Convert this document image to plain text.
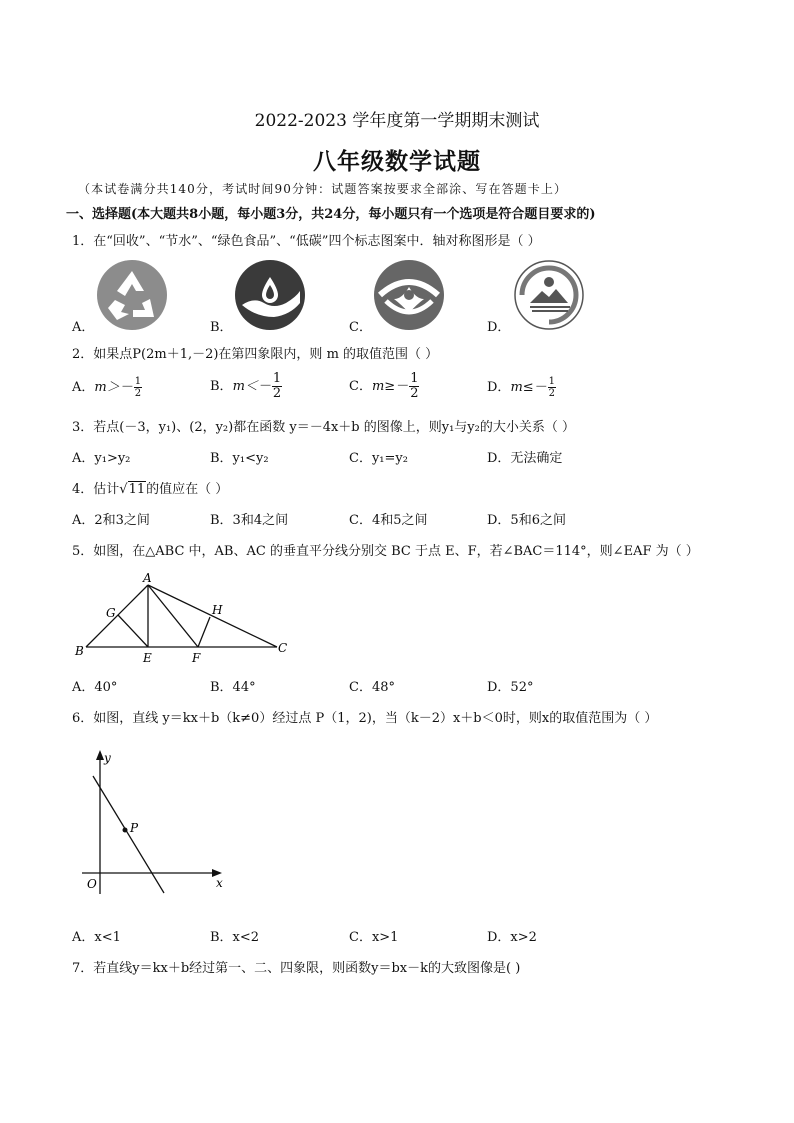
2022-2023 学年度第一学期期末测试
八年级数学试题
（本试卷满分共140分，考试时间90分钟：试题答案按要求全部涂、写在答题卡上）
一、选择题(本大题共8小题，每小题3分，共24分，每小题只有一个选项是符合题目要求的)
1．在“回收”、“节水”、“绿色食品”、“低碳”四个标志图案中．轴对称图形是（ ）
A．	B．	C．	D．
2．如果点P(2m＋1,－2)在第四象限内，则 m 的取值范围（ ）
A．$m>- \frac{1}{2}$	B．$m<- \frac{1}{2}$	C．$m\ge- \frac{1}{2}$	D．$m\le- \frac{1}{2}$
3．若点(－3，y₁)、(2，y₂)都在函数 y＝－4x＋b 的图像上，则y₁与y₂的大小关系（ ）
A．y₁>y₂	B．y₁<y₂	C．y₁=y₂	D．无法确定
4．估计√11的值应在（ ）
A．2和3之间	B．3和4之间	C．4和5之间	D．5和6之间
5．如图，在△ABC 中，AB、AC 的垂直平分线分别交 BC 于点 E、F，若∠BAC＝114°，则∠EAF 为（ ）
A
B	C
E	F
G	H
A．40°	B．44°	C．48°	D．52°
6．如图，直线 y＝kx＋b（k≠0）经过点 P（1，2)，当（k－2）x＋b＜0时，则x的取值范围为（ ）
y
x
O
P
A．x<1	B．x<2	C．x>1	D．x>2
7．若直线y＝kx＋b经过第一、二、四象限，则函数y＝bx－k的大致图像是( )
